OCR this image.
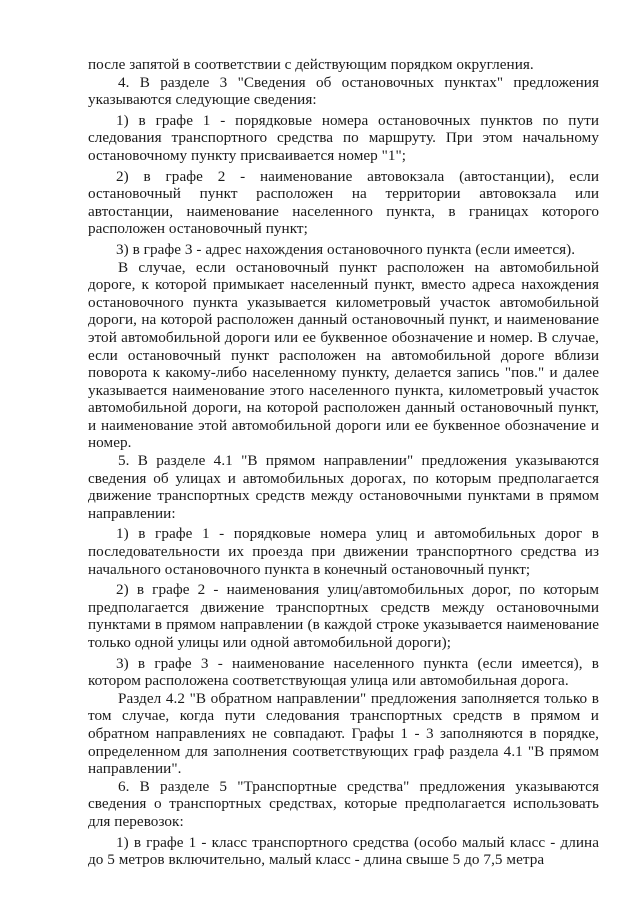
после запятой в соответствии с действующим порядком округления.

4. В разделе 3 "Сведения об остановочных пунктах" предложения указываются следующие сведения:

1) в графе 1 - порядковые номера остановочных пунктов по пути следования транспортного средства по маршруту. При этом начальному остановочному пункту присваивается номер "1";

2) в графе 2 - наименование автовокзала (автостанции), если остановочный пункт расположен на территории автовокзала или автостанции, наименование населенного пункта, в границах которого расположен остановочный пункт;

3) в графе 3 - адрес нахождения остановочного пункта (если имеется).

В случае, если остановочный пункт расположен на автомобильной дороге, к которой примыкает населенный пункт, вместо адреса нахождения остановочного пункта указывается километровый участок автомобильной дороги, на которой расположен данный остановочный пункт, и наименование этой автомобильной дороги или ее буквенное обозначение и номер. В случае, если остановочный пункт расположен на автомобильной дороге вблизи поворота к какому-либо населенному пункту, делается запись "пов." и далее указывается наименование этого населенного пункта, километровый участок автомобильной дороги, на которой расположен данный остановочный пункт, и наименование этой автомобильной дороги или ее буквенное обозначение и номер.

5. В разделе 4.1 "В прямом направлении" предложения указываются сведения об улицах и автомобильных дорогах, по которым предполагается движение транспортных средств между остановочными пунктами в прямом направлении:

1) в графе 1 - порядковые номера улиц и автомобильных дорог в последовательности их проезда при движении транспортного средства из начального остановочного пункта в конечный остановочный пункт;

2) в графе 2 - наименования улиц/автомобильных дорог, по которым предполагается движение транспортных средств между остановочными пунктами в прямом направлении (в каждой строке указывается наименование только одной улицы или одной автомобильной дороги);

3) в графе 3 - наименование населенного пункта (если имеется), в котором расположена соответствующая улица или автомобильная дорога.

Раздел 4.2 "В обратном направлении" предложения заполняется только в том случае, когда пути следования транспортных средств в прямом и обратном направлениях не совпадают. Графы 1 - 3 заполняются в порядке, определенном для заполнения соответствующих граф раздела 4.1 "В прямом направлении".

6. В разделе 5 "Транспортные средства" предложения указываются сведения о транспортных средствах, которые предполагается использовать для перевозок:

1) в графе 1 - класс транспортного средства (особо малый класс - длина до 5 метров включительно, малый класс - длина свыше 5 до 7,5 метра
